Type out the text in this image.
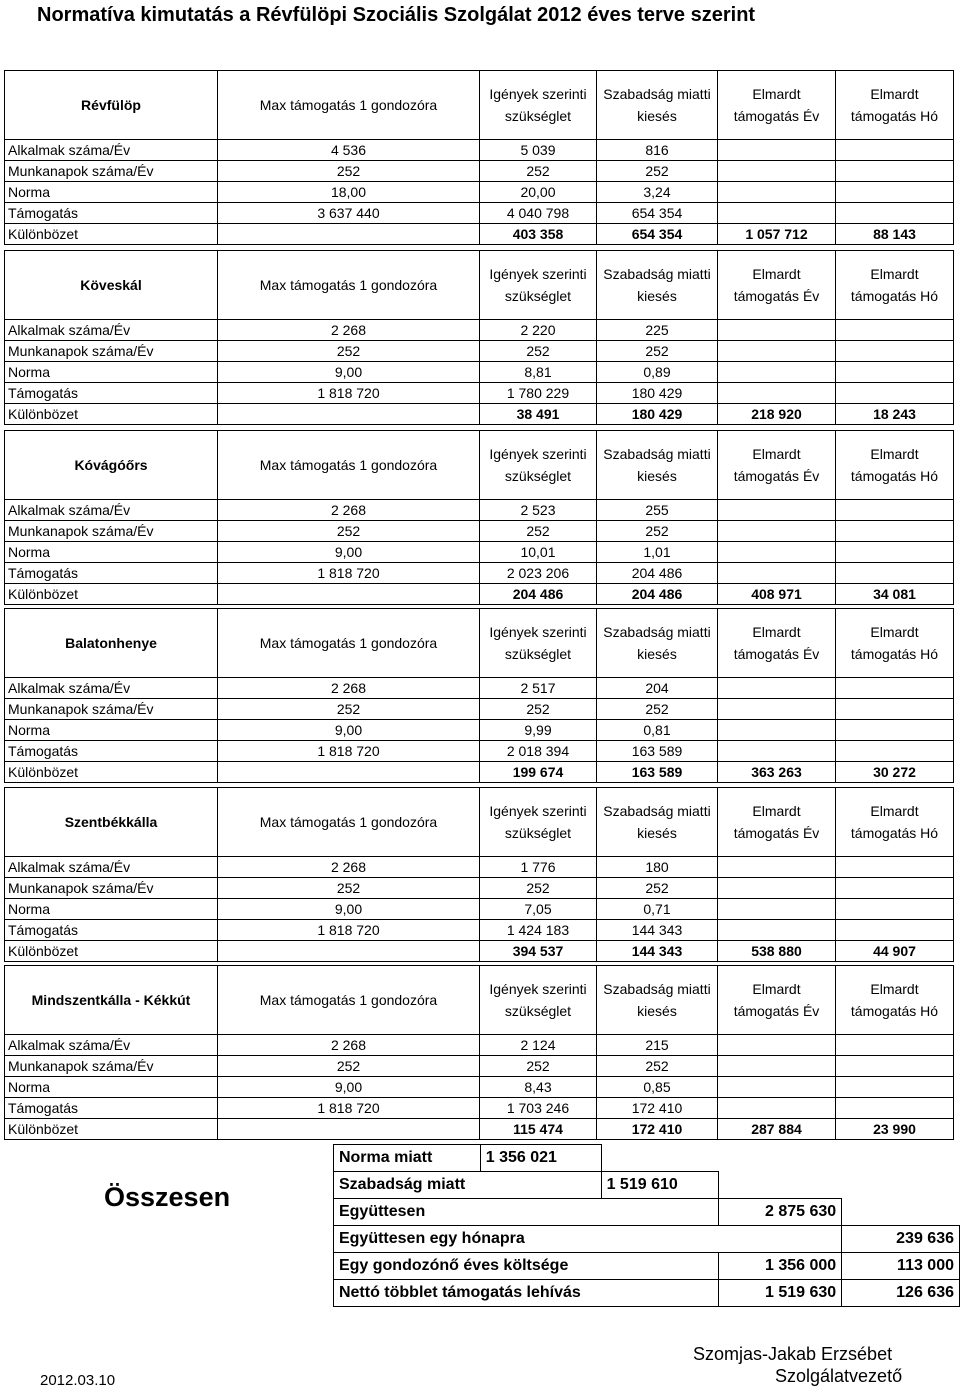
Normatíva kimutatás a Révfülöpi Szociális Szolgálat 2012 éves terve szerint
Révfülöp	Max támogatás 1 gondozóra	Igények szerinti szükséglet	Szabadság miatti kiesés	Elmardt támogatás Év	Elmardt támogatás Hó
Alkalmak száma/Év	4 536	5 039	816		
Munkanapok száma/Év	252	252	252		
Norma	18,00	20,00	3,24		
Támogatás	3 637 440	4 040 798	654 354		
Különbözet		403 358	654 354	1 057 712	88 143
Köveskál	Max támogatás 1 gondozóra	Igények szerinti szükséglet	Szabadság miatti kiesés	Elmardt támogatás Év	Elmardt támogatás Hó
Alkalmak száma/Év	2 268	2 220	225		
Munkanapok száma/Év	252	252	252		
Norma	9,00	8,81	0,89		
Támogatás	1 818 720	1 780 229	180 429		
Különbözet		38 491	180 429	218 920	18 243
Kóvágóőrs	Max támogatás 1 gondozóra	Igények szerinti szükséglet	Szabadság miatti kiesés	Elmardt támogatás Év	Elmardt támogatás Hó
Alkalmak száma/Év	2 268	2 523	255		
Munkanapok száma/Év	252	252	252		
Norma	9,00	10,01	1,01		
Támogatás	1 818 720	2 023 206	204 486		
Különbözet		204 486	204 486	408 971	34 081
Balatonhenye	Max támogatás 1 gondozóra	Igények szerinti szükséglet	Szabadság miatti kiesés	Elmardt támogatás Év	Elmardt támogatás Hó
Alkalmak száma/Év	2 268	2 517	204		
Munkanapok száma/Év	252	252	252		
Norma	9,00	9,99	0,81		
Támogatás	1 818 720	2 018 394	163 589		
Különbözet		199 674	163 589	363 263	30 272
Szentbékkálla	Max támogatás 1 gondozóra	Igények szerinti szükséglet	Szabadság miatti kiesés	Elmardt támogatás Év	Elmardt támogatás Hó
Alkalmak száma/Év	2 268	1 776	180		
Munkanapok száma/Év	252	252	252		
Norma	9,00	7,05	0,71		
Támogatás	1 818 720	1 424 183	144 343		
Különbözet		394 537	144 343	538 880	44 907
Mindszentkálla - Kékkút	Max támogatás 1 gondozóra	Igények szerinti szükséglet	Szabadság miatti kiesés	Elmardt támogatás Év	Elmardt támogatás Hó
Alkalmak száma/Év	2 268	2 124	215		
Munkanapok száma/Év	252	252	252		
Norma	9,00	8,43	0,85		
Támogatás	1 818 720	1 703 246	172 410		
Különbözet		115 474	172 410	287 884	23 990
Összesen
	Norma miatt	1 356 021			
	Szabadság miatt		1 519 610		
	Együttesen			2 875 630	
	Együttesen egy hónapra				239 636
	Egy gondozónő éves költsége			1 356 000	113 000
	Nettó többlet támogatás lehívás			1 519 630	126 636
2012.03.10
Szomjas-Jakab Erzsébet
Szolgálatvezető
